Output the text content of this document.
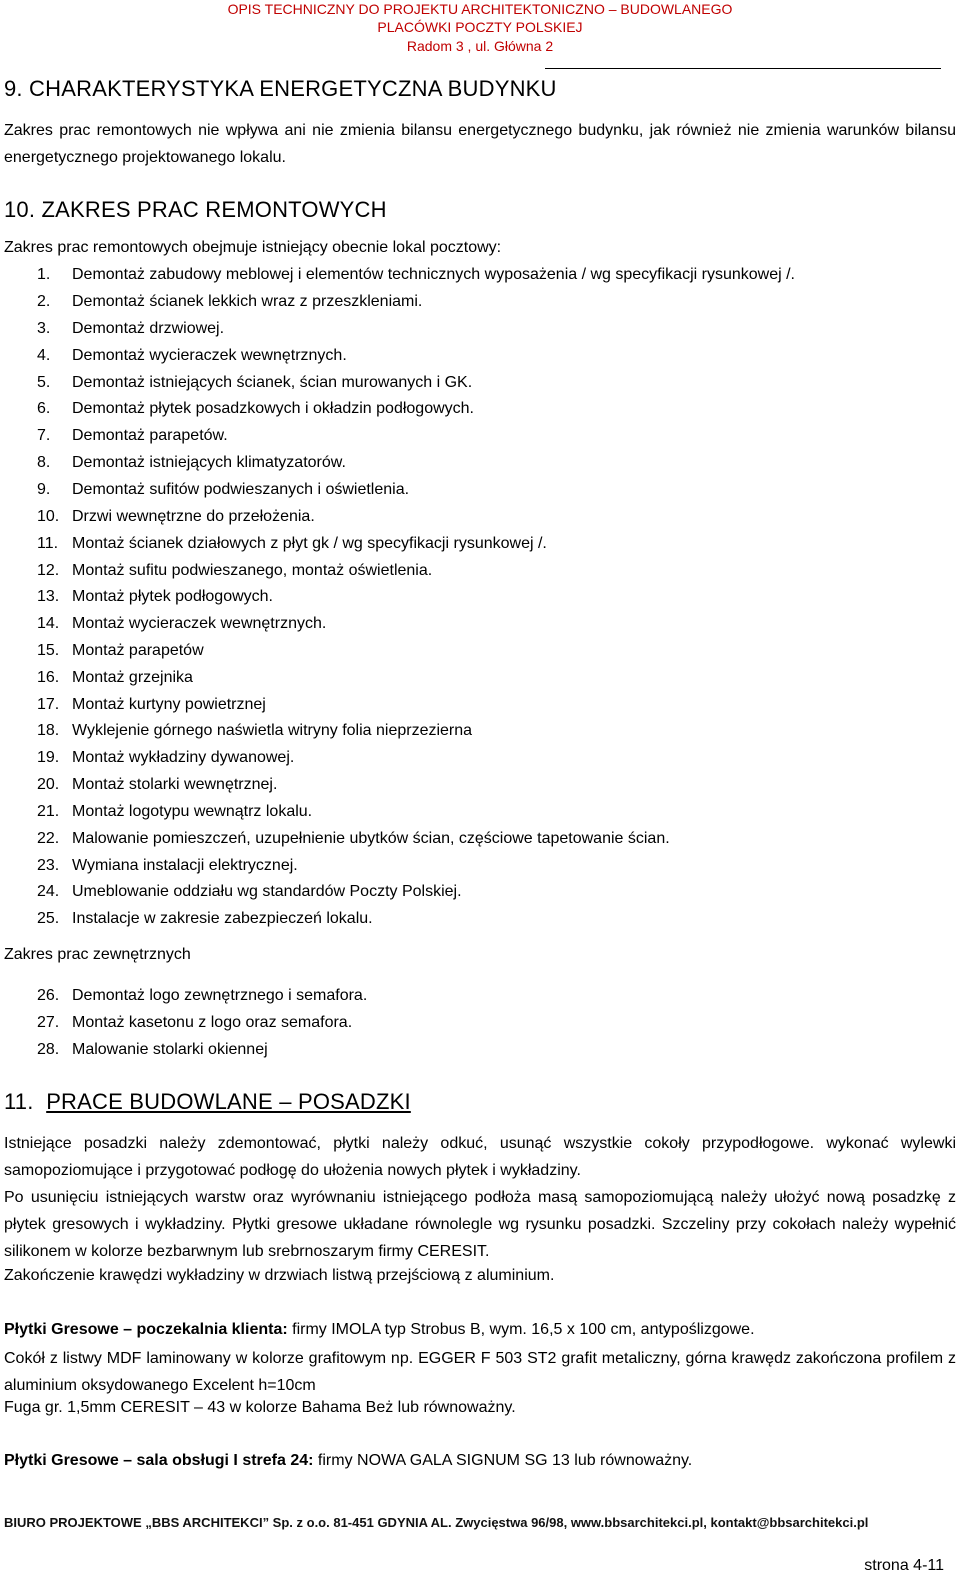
OPIS TECHNICZNY DO PROJEKTU ARCHITEKTONICZNO – BUDOWLANEGO
PLACÓWKI POCZTY POLSKIEJ
Radom 3 , ul. Główna 2
9. CHARAKTERYSTYKA ENERGETYCZNA BUDYNKU
Zakres prac remontowych nie wpływa ani nie zmienia bilansu energetycznego budynku, jak również nie zmienia warunków bilansu energetycznego projektowanego lokalu.
10. ZAKRES PRAC REMONTOWYCH
Zakres prac remontowych obejmuje istniejący obecnie lokal pocztowy:
1. Demontaż zabudowy meblowej i elementów technicznych wyposażenia / wg specyfikacji rysunkowej /.
2. Demontaż ścianek lekkich wraz z przeszkleniami.
3. Demontaż drzwiowej.
4. Demontaż wycieraczek wewnętrznych.
5. Demontaż istniejących ścianek, ścian murowanych i GK.
6. Demontaż płytek posadzkowych i okładzin podłogowych.
7. Demontaż parapetów.
8. Demontaż istniejących klimatyzatorów.
9. Demontaż sufitów podwieszanych i oświetlenia.
10. Drzwi wewnętrzne do przełożenia.
11. Montaż ścianek działowych z płyt gk / wg specyfikacji rysunkowej /.
12. Montaż sufitu podwieszanego, montaż oświetlenia.
13. Montaż płytek podłogowych.
14. Montaż wycieraczek wewnętrznych.
15. Montaż parapetów
16. Montaż grzejnika
17. Montaż kurtyny powietrznej
18. Wyklejenie górnego naświetla witryny folia nieprzezierna
19. Montaż wykładziny dywanowej.
20. Montaż stolarki wewnętrznej.
21. Montaż logotypu wewnątrz lokalu.
22. Malowanie pomieszczeń, uzupełnienie ubytków ścian, częściowe tapetowanie ścian.
23. Wymiana instalacji elektrycznej.
24. Umeblowanie oddziału wg standardów Poczty Polskiej.
25. Instalacje w zakresie zabezpieczeń lokalu.
Zakres prac zewnętrznych
26. Demontaż logo zewnętrznego i semafora.
27. Montaż kasetonu z logo oraz semafora.
28. Malowanie stolarki okiennej
11. PRACE BUDOWLANE – POSADZKI
Istniejące posadzki należy zdemontować, płytki należy odkuć, usunąć wszystkie cokoły przypodłogowe. wykonać wylewki samopoziomujące i przygotować podłogę do ułożenia nowych płytek i wykładziny.
Po usunięciu istniejących warstw oraz wyrównaniu istniejącego podłoża masą samopoziomującą należy ułożyć nową posadzkę z płytek gresowych i wykładziny. Płytki gresowe układane równolegle wg rysunku posadzki. Szczeliny przy cokołach należy wypełnić silikonem w kolorze bezbarwnym lub srebrnoszarym firmy CERESIT.
Zakończenie krawędzi wykładziny w drzwiach listwą przejściową z aluminium.
Płytki Gresowe – poczekalnia klienta: firmy IMOLA typ Strobus B, wym. 16,5 x 100 cm, antypoślizgowe.
Cokół z listwy MDF laminowany w kolorze grafitowym np. EGGER F 503 ST2 grafit metaliczny, górna krawędz zakończona profilem z aluminium oksydowanego Excelent h=10cm
Fuga gr. 1,5mm CERESIT – 43 w kolorze Bahama Beż lub równoważny.
Płytki Gresowe – sala obsługi I strefa 24: firmy NOWA GALA SIGNUM SG 13 lub równoważny.
BIURO PROJEKTOWE „BBS ARCHITEKCI” Sp. z o.o. 81-451 GDYNIA AL. Zwycięstwa 96/98, www.bbsarchitekci.pl, kontakt@bbsarchitekci.pl
strona 4-11
